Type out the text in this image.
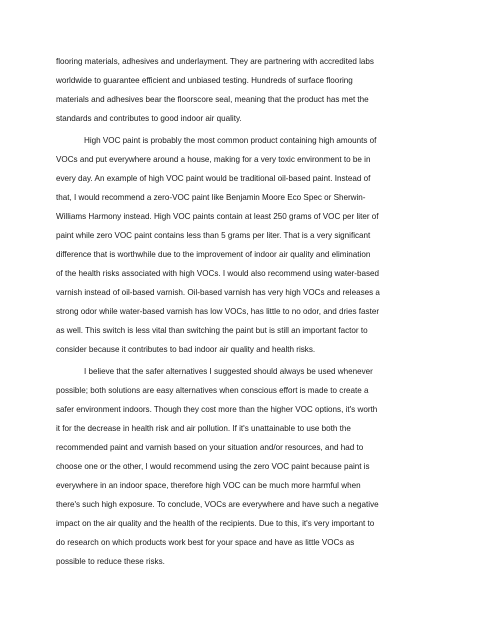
flooring materials, adhesives and underlayment. They are partnering with accredited labs
worldwide to guarantee efficient and unbiased testing. Hundreds of surface flooring
materials and adhesives bear the floorscore seal, meaning that the product has met the
standards and contributes to good indoor air quality.

High VOC paint is probably the most common product containing high amounts of
VOCs and put everywhere around a house, making for a very toxic environment to be in
every day. An example of high VOC paint would be traditional oil-based paint. Instead of
that, I would recommend a zero-VOC paint like Benjamin Moore Eco Spec or Sherwin-
Williams Harmony instead. High VOC paints contain at least 250 grams of VOC per liter of
paint while zero VOC paint contains less than 5 grams per liter. That is a very significant
difference that is worthwhile due to the improvement of indoor air quality and elimination
of the health risks associated with high VOCs. I would also recommend using water-based
varnish instead of oil-based varnish. Oil-based varnish has very high VOCs and releases a
strong odor while water-based varnish has low VOCs, has little to no odor, and dries faster
as well. This switch is less vital than switching the paint but is still an important factor to
consider because it contributes to bad indoor air quality and health risks.

I believe that the safer alternatives I suggested should always be used whenever
possible; both solutions are easy alternatives when conscious effort is made to create a
safer environment indoors. Though they cost more than the higher VOC options, it's worth
it for the decrease in health risk and air pollution. If it's unattainable to use both the
recommended paint and varnish based on your situation and/or resources, and had to
choose one or the other, I would recommend using the zero VOC paint because paint is
everywhere in an indoor space, therefore high VOC can be much more harmful when
there's such high exposure. To conclude, VOCs are everywhere and have such a negative
impact on the air quality and the health of the recipients. Due to this, it's very important to
do research on which products work best for your space and have as little VOCs as
possible to reduce these risks.
